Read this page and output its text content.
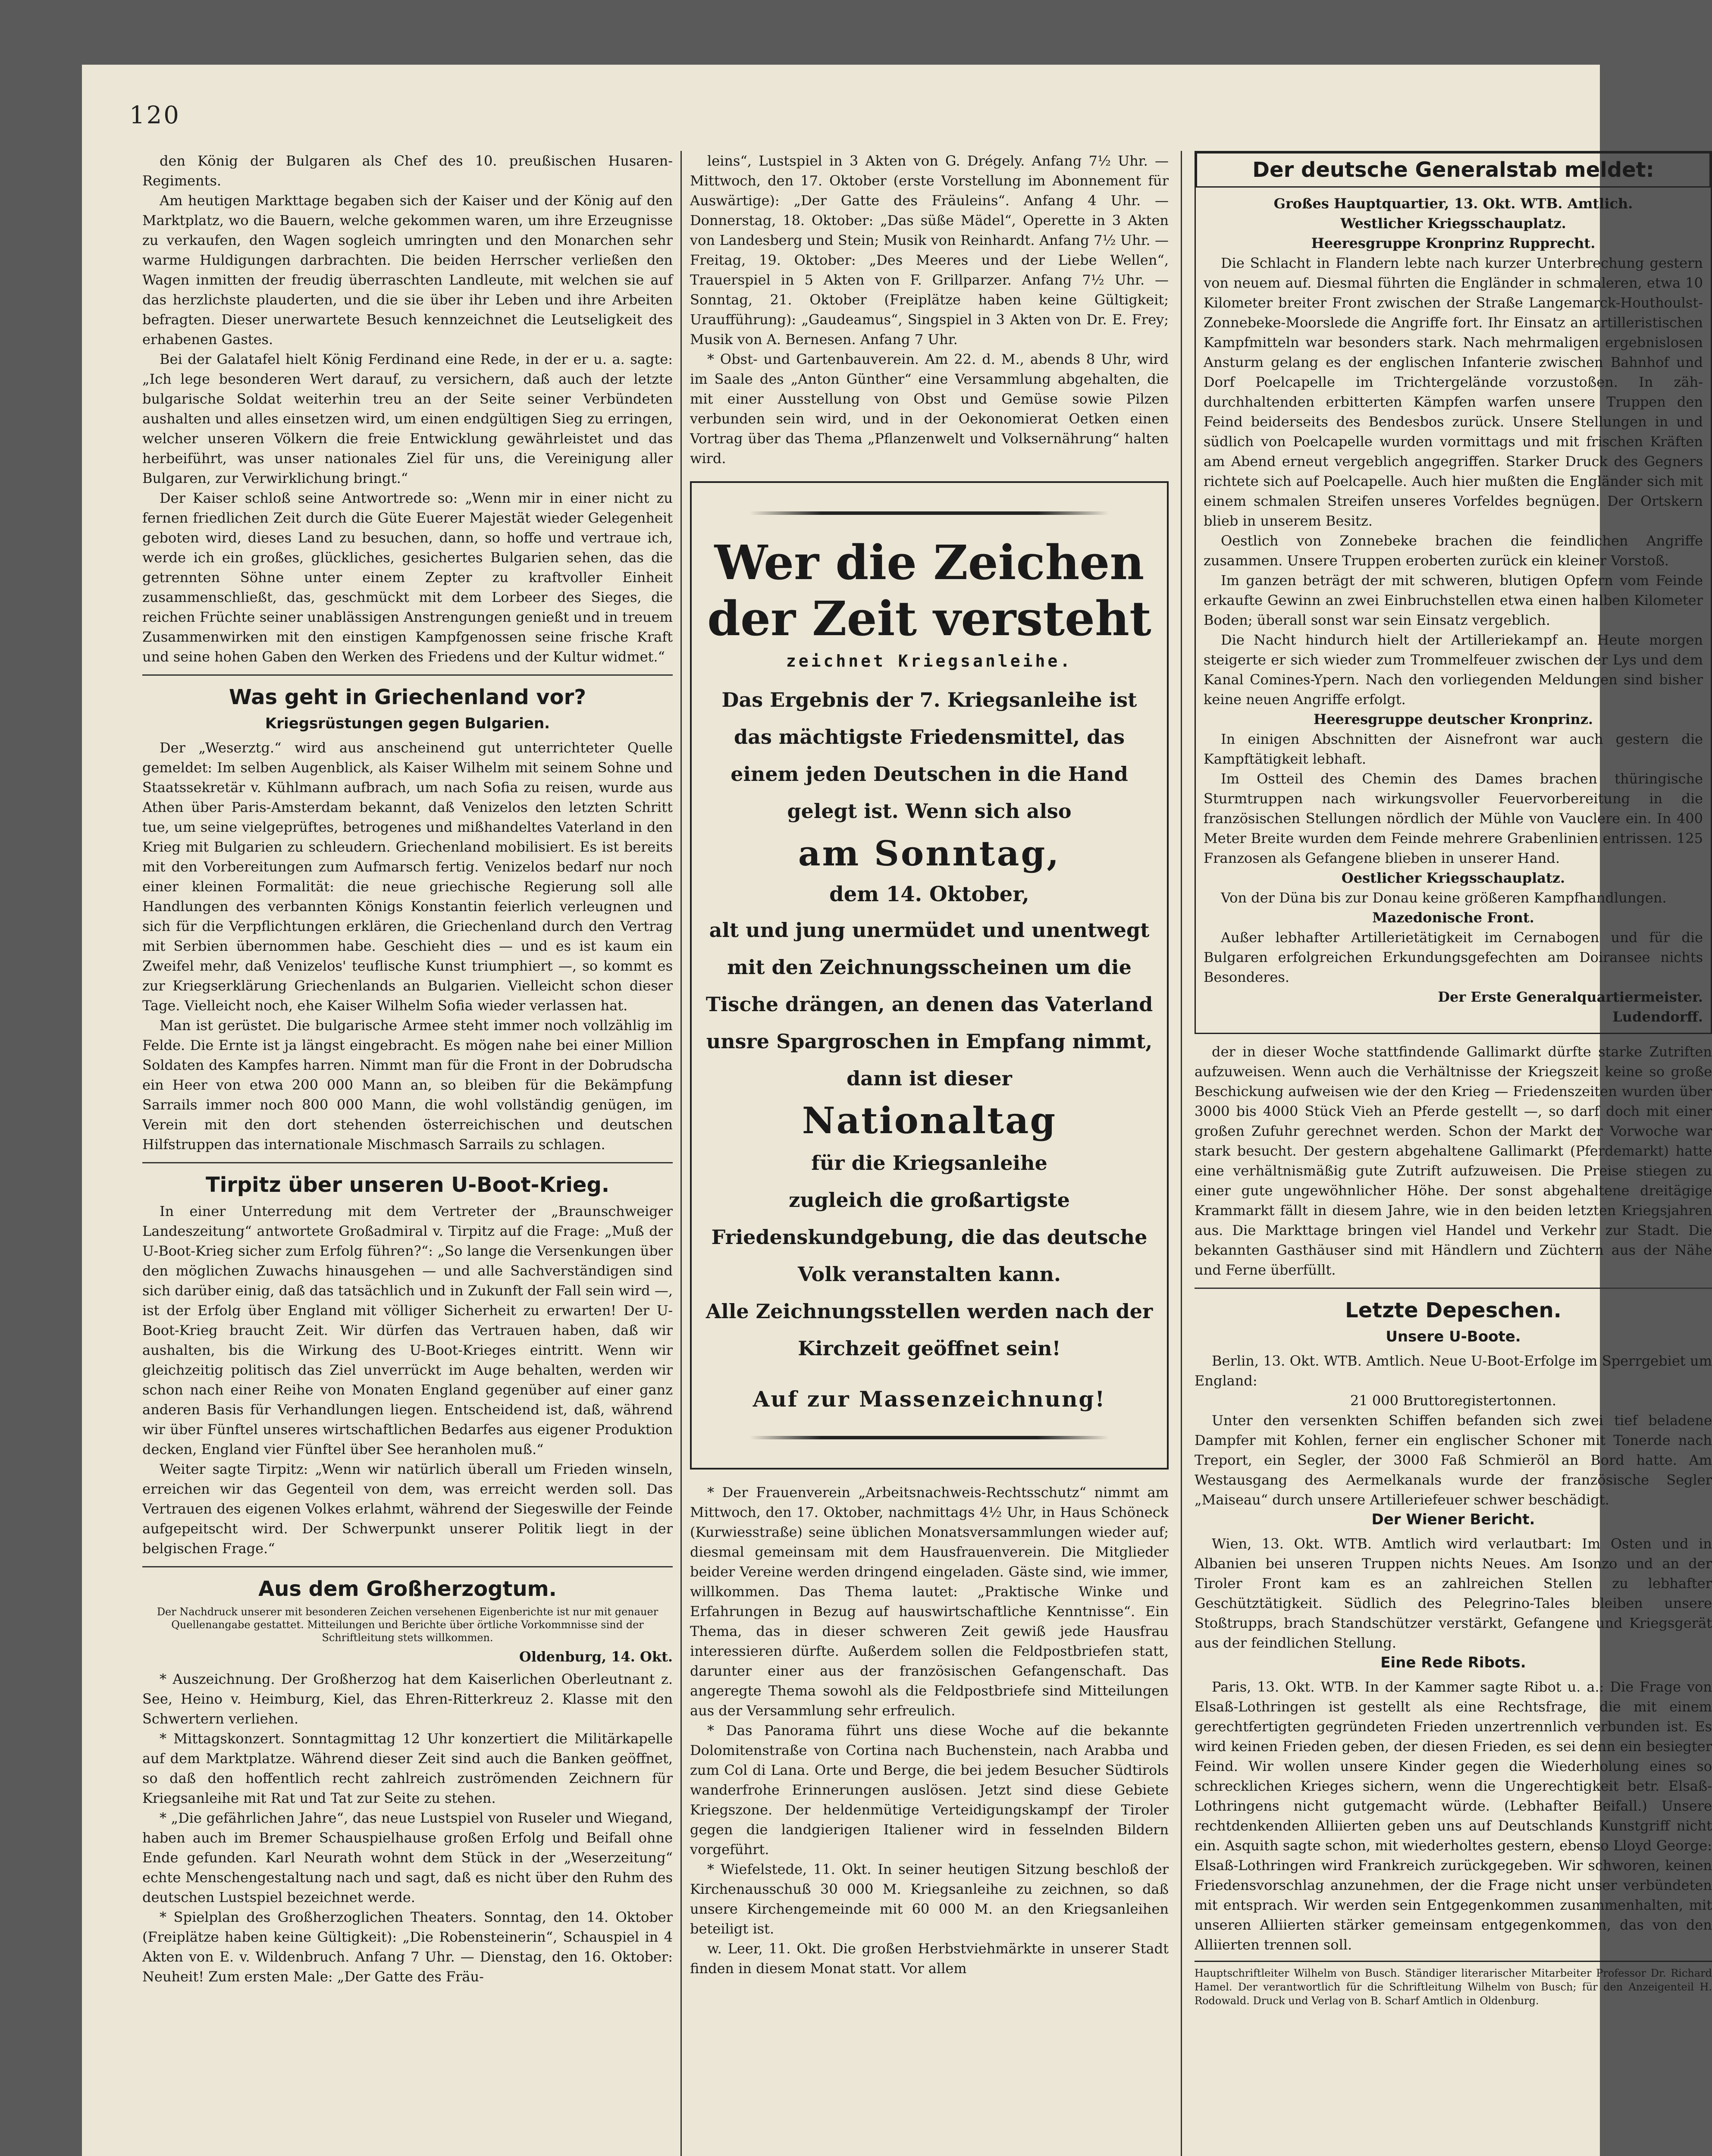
120

den König der Bulgaren als Chef des 10. preußischen Husaren-Regiments.

Am heutigen Markttage begaben sich der Kaiser und der König auf den Marktplatz, wo die Bauern, welche gekommen waren, um ihre Erzeugnisse zu verkaufen, den Wagen sogleich umringten und den Monarchen sehr warme Huldigungen darbrachten. Die beiden Herrscher verließen den Wagen inmitten der freudig überraschten Landleute, mit welchen sie auf das herzlichste plauderten, und die sie über ihr Leben und ihre Arbeiten befragten. Dieser unerwartete Besuch kennzeichnet die Leutseligkeit des erhabenen Gastes.

Bei der Galatafel hielt König Ferdinand eine Rede, in der er u. a. sagte: „Ich lege besonderen Wert darauf, zu versichern, daß auch der letzte bulgarische Soldat weiterhin treu an der Seite seiner Verbündeten aushalten und alles einsetzen wird, um einen endgültigen Sieg zu erringen, welcher unseren Völkern die freie Entwicklung gewährleistet und das herbeiführt, was unser nationales Ziel für uns, die Vereinigung aller Bulgaren, zur Verwirklichung bringt.“

Der Kaiser schloß seine Antwortrede so: „Wenn mir in einer nicht zu fernen friedlichen Zeit durch die Güte Euerer Majestät wieder Gelegenheit geboten wird, dieses Land zu besuchen, dann, so hoffe und vertraue ich, werde ich ein großes, glückliches, gesichertes Bulgarien sehen, das die getrennten Söhne unter einem Zepter zu kraftvoller Einheit zusammenschließt, das, geschmückt mit dem Lorbeer des Sieges, die reichen Früchte seiner unablässigen Anstrengungen genießt und in treuem Zusammenwirken mit den einstigen Kampfgenossen seine frische Kraft und seine hohen Gaben den Werken des Friedens und der Kultur widmet.“

Was geht in Griechenland vor?
Kriegsrüstungen gegen Bulgarien.

Der „Weserztg.“ wird aus anscheinend gut unterrichteter Quelle gemeldet: Im selben Augenblick, als Kaiser Wilhelm mit seinem Sohne und Staatssekretär v. Kühlmann aufbrach, um nach Sofia zu reisen, wurde aus Athen über Paris-Amsterdam bekannt, daß Venizelos den letzten Schritt tue, um seine vielgeprüftes, betrogenes und mißhandeltes Vaterland in den Krieg mit Bulgarien zu schleudern. Griechenland mobilisiert. Es ist bereits mit den Vorbereitungen zum Aufmarsch fertig. Venizelos bedarf nur noch einer kleinen Formalität: die neue griechische Regierung soll alle Handlungen des verbannten Königs Konstantin feierlich verleugnen und sich für die Verpflichtungen erklären, die Griechenland durch den Vertrag mit Serbien übernommen habe. Geschieht dies — und es ist kaum ein Zweifel mehr, daß Venizelos' teuflische Kunst triumphiert —, so kommt es zur Kriegserklärung Griechenlands an Bulgarien. Vielleicht schon dieser Tage. Vielleicht noch, ehe Kaiser Wilhelm Sofia wieder verlassen hat.

Man ist gerüstet. Die bulgarische Armee steht immer noch vollzählig im Felde. Die Ernte ist ja längst eingebracht. Es mögen nahe bei einer Million Soldaten des Kampfes harren. Nimmt man für die Front in der Dobrudscha ein Heer von etwa 200 000 Mann an, so bleiben für die Bekämpfung Sarrails immer noch 800 000 Mann, die wohl vollständig genügen, im Verein mit den dort stehenden österreichischen und deutschen Hilfstruppen das internationale Mischmasch Sarrails zu schlagen.

Tirpitz über unseren U-Boot-Krieg.

In einer Unterredung mit dem Vertreter der „Braunschweiger Landeszeitung“ antwortete Großadmiral v. Tirpitz auf die Frage: „Muß der U-Boot-Krieg sicher zum Erfolg führen?“: „So lange die Versenkungen über den möglichen Zuwachs hinausgehen — und alle Sachverständigen sind sich darüber einig, daß das tatsächlich und in Zukunft der Fall sein wird —, ist der Erfolg über England mit völliger Sicherheit zu erwarten! Der U-Boot-Krieg braucht Zeit. Wir dürfen das Vertrauen haben, daß wir aushalten, bis die Wirkung des U-Boot-Krieges eintritt. Wenn wir gleichzeitig politisch das Ziel unverrückt im Auge behalten, werden wir schon nach einer Reihe von Monaten England gegenüber auf einer ganz anderen Basis für Verhandlungen liegen. Entscheidend ist, daß, während wir über Fünftel unseres wirtschaftlichen Bedarfes aus eigener Produktion decken, England vier Fünftel über See heranholen muß.“

Weiter sagte Tirpitz: „Wenn wir natürlich überall um Frieden winseln, erreichen wir das Gegenteil von dem, was erreicht werden soll. Das Vertrauen des eigenen Volkes erlahmt, während der Siegeswille der Feinde aufgepeitscht wird. Der Schwerpunkt unserer Politik liegt in der belgischen Frage.“

Aus dem Großherzogtum.
Der Nachdruck unserer mit besonderen Zeichen versehenen Eigenberichte ist nur mit genauer Quellenangabe gestattet. Mitteilungen und Berichte über örtliche Vorkommnisse sind der Schriftleitung stets willkommen.
Oldenburg, 14. Okt.

* Auszeichnung. Der Großherzog hat dem Kaiserlichen Oberleutnant z. See, Heino v. Heimburg, Kiel, das Ehren-Ritterkreuz 2. Klasse mit den Schwertern verliehen.

* Mittagskonzert. Sonntagmittag 12 Uhr konzertiert die Militärkapelle auf dem Marktplatze. Während dieser Zeit sind auch die Banken geöffnet, so daß den hoffentlich recht zahlreich zuströmenden Zeichnern für Kriegsanleihe mit Rat und Tat zur Seite zu stehen.

* „Die gefährlichen Jahre“, das neue Lustspiel von Ruseler und Wiegand, haben auch im Bremer Schauspielhause großen Erfolg und Beifall ohne Ende gefunden. Karl Neurath wohnt dem Stück in der „Weserzeitung“ echte Menschengestaltung nach und sagt, daß es nicht über den Ruhm des deutschen Lustspiel bezeichnet werde.

* Spielplan des Großherzoglichen Theaters. Sonntag, den 14. Oktober (Freiplätze haben keine Gültigkeit): „Die Robensteinerin“, Schauspiel in 4 Akten von E. v. Wildenbruch. Anfang 7 Uhr. — Dienstag, den 16. Oktober: Neuheit! Zum ersten Male: „Der Gatte des Fräu-

leins“, Lustspiel in 3 Akten von G. Drégely. Anfang 7½ Uhr. — Mittwoch, den 17. Oktober (erste Vorstellung im Abonnement für Auswärtige): „Der Gatte des Fräuleins“. Anfang 4 Uhr. — Donnerstag, 18. Oktober: „Das süße Mädel“, Operette in 3 Akten von Landesberg und Stein; Musik von Reinhardt. Anfang 7½ Uhr. — Freitag, 19. Oktober: „Des Meeres und der Liebe Wellen“, Trauerspiel in 5 Akten von F. Grillparzer. Anfang 7½ Uhr. — Sonntag, 21. Oktober (Freiplätze haben keine Gültigkeit; Uraufführung): „Gaudeamus“, Singspiel in 3 Akten von Dr. E. Frey; Musik von A. Bernesen. Anfang 7 Uhr.

* Obst- und Gartenbauverein. Am 22. d. M., abends 8 Uhr, wird im Saale des „Anton Günther“ eine Versammlung abgehalten, die mit einer Ausstellung von Obst und Gemüse sowie Pilzen verbunden sein wird, und in der Oekonomierat Oetken einen Vortrag über das Thema „Pflanzenwelt und Volksernährung“ halten wird.

Wer die Zeichen
der Zeit versteht
zeichnet Kriegsanleihe.
Das Ergebnis der 7. Kriegsanleihe ist das mächtigste Friedensmittel, das einem jeden Deutschen in die Hand gelegt ist. Wenn sich also
am Sonntag,
dem 14. Oktober,
alt und jung unermüdet und unentwegt mit den Zeichnungsscheinen um die Tische drängen, an denen das Vaterland unsre Spargroschen in Empfang nimmt, dann ist dieser
Nationaltag
für die Kriegsanleihe
zugleich die großartigste Friedenskundgebung, die das deutsche Volk veranstalten kann.
Alle Zeichnungsstellen werden nach der Kirchzeit geöffnet sein!
Auf zur Massenzeichnung!

* Der Frauenverein „Arbeitsnachweis-Rechtsschutz“ nimmt am Mittwoch, den 17. Oktober, nachmittags 4½ Uhr, in Haus Schöneck (Kurwiesstraße) seine üblichen Monatsversammlungen wieder auf; diesmal gemeinsam mit dem Hausfrauenverein. Die Mitglieder beider Vereine werden dringend eingeladen. Gäste sind, wie immer, willkommen. Das Thema lautet: „Praktische Winke und Erfahrungen in Bezug auf hauswirtschaftliche Kenntnisse“. Ein Thema, das in dieser schweren Zeit gewiß jede Hausfrau interessieren dürfte. Außerdem sollen die Feldpostbriefen statt, darunter einer aus der französischen Gefangenschaft. Das angeregte Thema sowohl als die Feldpostbriefe sind Mitteilungen aus der Versammlung sehr erfreulich.

* Das Panorama führt uns diese Woche auf die bekannte Dolomitenstraße von Cortina nach Buchenstein, nach Arabba und zum Col di Lana. Orte und Berge, die bei jedem Besucher Südtirols wanderfrohe Erinnerungen auslösen. Jetzt sind diese Gebiete Kriegszone. Der heldenmütige Verteidigungskampf der Tiroler gegen die landgierigen Italiener wird in fesselnden Bildern vorgeführt.

* Wiefelstede, 11. Okt. In seiner heutigen Sitzung beschloß der Kirchenausschuß 30 000 M. Kriegsanleihe zu zeichnen, so daß unsere Kirchengemeinde mit 60 000 M. an den Kriegsanleihen beteiligt ist.

w. Leer, 11. Okt. Die großen Herbstviehmärkte in unserer Stadt finden in diesem Monat statt. Vor allem

Der deutsche Generalstab meldet:
Großes Hauptquartier, 13. Okt. WTB. Amtlich.
Westlicher Kriegsschauplatz.
Heeresgruppe Kronprinz Rupprecht.

Die Schlacht in Flandern lebte nach kurzer Unterbrechung gestern von neuem auf. Diesmal führten die Engländer in schmaleren, etwa 10 Kilometer breiter Front zwischen der Straße Langemarck-Houthoulst-Zonnebeke-Moorslede die Angriffe fort. Ihr Einsatz an artilleristischen Kampfmitteln war besonders stark. Nach mehrmaligen ergebnislosen Ansturm gelang es der englischen Infanterie zwischen Bahnhof und Dorf Poelcapelle im Trichtergelände vorzustoßen. In zäh-durchhaltenden erbitterten Kämpfen warfen unsere Truppen den Feind beiderseits des Bendesbos zurück. Unsere Stellungen in und südlich von Poelcapelle wurden vormittags und mit frischen Kräften am Abend erneut vergeblich angegriffen. Starker Druck des Gegners richtete sich auf Poelcapelle. Auch hier mußten die Engländer sich mit einem schmalen Streifen unseres Vorfeldes begnügen. Der Ortskern blieb in unserem Besitz.

Oestlich von Zonnebeke brachen die feindlichen Angriffe zusammen. Unsere Truppen eroberten zurück ein kleiner Vorstoß.

Im ganzen beträgt der mit schweren, blutigen Opfern vom Feinde erkaufte Gewinn an zwei Einbruchstellen etwa einen halben Kilometer Boden; überall sonst war sein Einsatz vergeblich.

Die Nacht hindurch hielt der Artilleriekampf an. Heute morgen steigerte er sich wieder zum Trommelfeuer zwischen der Lys und dem Kanal Comines-Ypern. Nach den vorliegenden Meldungen sind bisher keine neuen Angriffe erfolgt.

Heeresgruppe deutscher Kronprinz.

In einigen Abschnitten der Aisnefront war auch gestern die Kampftätigkeit lebhaft.

Im Ostteil des Chemin des Dames brachen thüringische Sturmtruppen nach wirkungsvoller Feuervorbereitung in die französischen Stellungen nördlich der Mühle von Vauclere ein. In 400 Meter Breite wurden dem Feinde mehrere Grabenlinien entrissen. 125 Franzosen als Gefangene blieben in unserer Hand.

Oestlicher Kriegsschauplatz.

Von der Düna bis zur Donau keine größeren Kampfhandlungen.

Mazedonische Front.

Außer lebhafter Artillerietätigkeit im Cernabogen und für die Bulgaren erfolgreichen Erkundungsgefechten am Doiransee nichts Besonderes.

Der Erste Generalquartiermeister.
Ludendorff.

der in dieser Woche stattfindende Gallimarkt dürfte starke Zutriften aufzuweisen. Wenn auch die Verhältnisse der Kriegszeit keine so große Beschickung aufweisen wie der den Krieg — Friedenszeiten wurden über 3000 bis 4000 Stück Vieh an Pferde gestellt —, so darf doch mit einer großen Zufuhr gerechnet werden. Schon der Markt der Vorwoche war stark besucht. Der gestern abgehaltene Gallimarkt (Pferdemarkt) hatte eine verhältnismäßig gute Zutrift aufzuweisen. Die Preise stiegen zu einer gute ungewöhnlicher Höhe. Der sonst abgehaltene dreitägige Krammarkt fällt in diesem Jahre, wie in den beiden letzten Kriegsjahren aus. Die Markttage bringen viel Handel und Verkehr zur Stadt. Die bekannten Gasthäuser sind mit Händlern und Züchtern aus der Nähe und Ferne überfüllt.

Letzte Depeschen.
Unsere U-Boote.

Berlin, 13. Okt. WTB. Amtlich. Neue U-Boot-Erfolge im Sperrgebiet um England:

21 000 Bruttoregistertonnen.

Unter den versenkten Schiffen befanden sich zwei tief beladene Dampfer mit Kohlen, ferner ein englischer Schoner mit Tonerde nach Treport, ein Segler, der 3000 Faß Schmieröl an Bord hatte. Am Westausgang des Aermelkanals wurde der französische Segler „Maiseau“ durch unsere Artilleriefeuer schwer beschädigt.

Der Wiener Bericht.

Wien, 13. Okt. WTB. Amtlich wird verlautbart: Im Osten und in Albanien bei unseren Truppen nichts Neues. Am Isonzo und an der Tiroler Front kam es an zahlreichen Stellen zu lebhafter Geschütztätigkeit. Südlich des Pelegrino-Tales bleiben unsere Stoßtrupps, brach Standschützer verstärkt, Gefangene und Kriegsgerät aus der feindlichen Stellung.

Eine Rede Ribots.

Paris, 13. Okt. WTB. In der Kammer sagte Ribot u. a.: Die Frage von Elsaß-Lothringen ist gestellt als eine Rechtsfrage, die mit einem gerechtfertigten gegründeten Frieden unzertrennlich verbunden ist. Es wird keinen Frieden geben, der diesen Frieden, es sei denn ein besiegter Feind. Wir wollen unsere Kinder gegen die Wiederholung eines so schrecklichen Krieges sichern, wenn die Ungerechtigkeit betr. Elsaß-Lothringens nicht gutgemacht würde. (Lebhafter Beifall.) Unsere rechtdenkenden Alliierten geben uns auf Deutschlands Kunstgriff nicht ein. Asquith sagte schon, mit wiederholtes gestern, ebenso Lloyd George: Elsaß-Lothringen wird Frankreich zurückgegeben. Wir schworen, keinen Friedensvorschlag anzunehmen, der die Frage nicht unser verbündeten mit entsprach. Wir werden sein Entgegenkommen zusammenhalten, mit unseren Alliierten stärker gemeinsam entgegenkommen, das von den Alliierten trennen soll.

Hauptschriftleiter Wilhelm von Busch. Ständiger literarischer Mitarbeiter Professor Dr. Richard Hamel. Der verantwortlich für die Schriftleitung Wilhelm von Busch; für den Anzeigenteil H. Rodowald. Druck und Verlag von B. Scharf Amtlich in Oldenburg.
